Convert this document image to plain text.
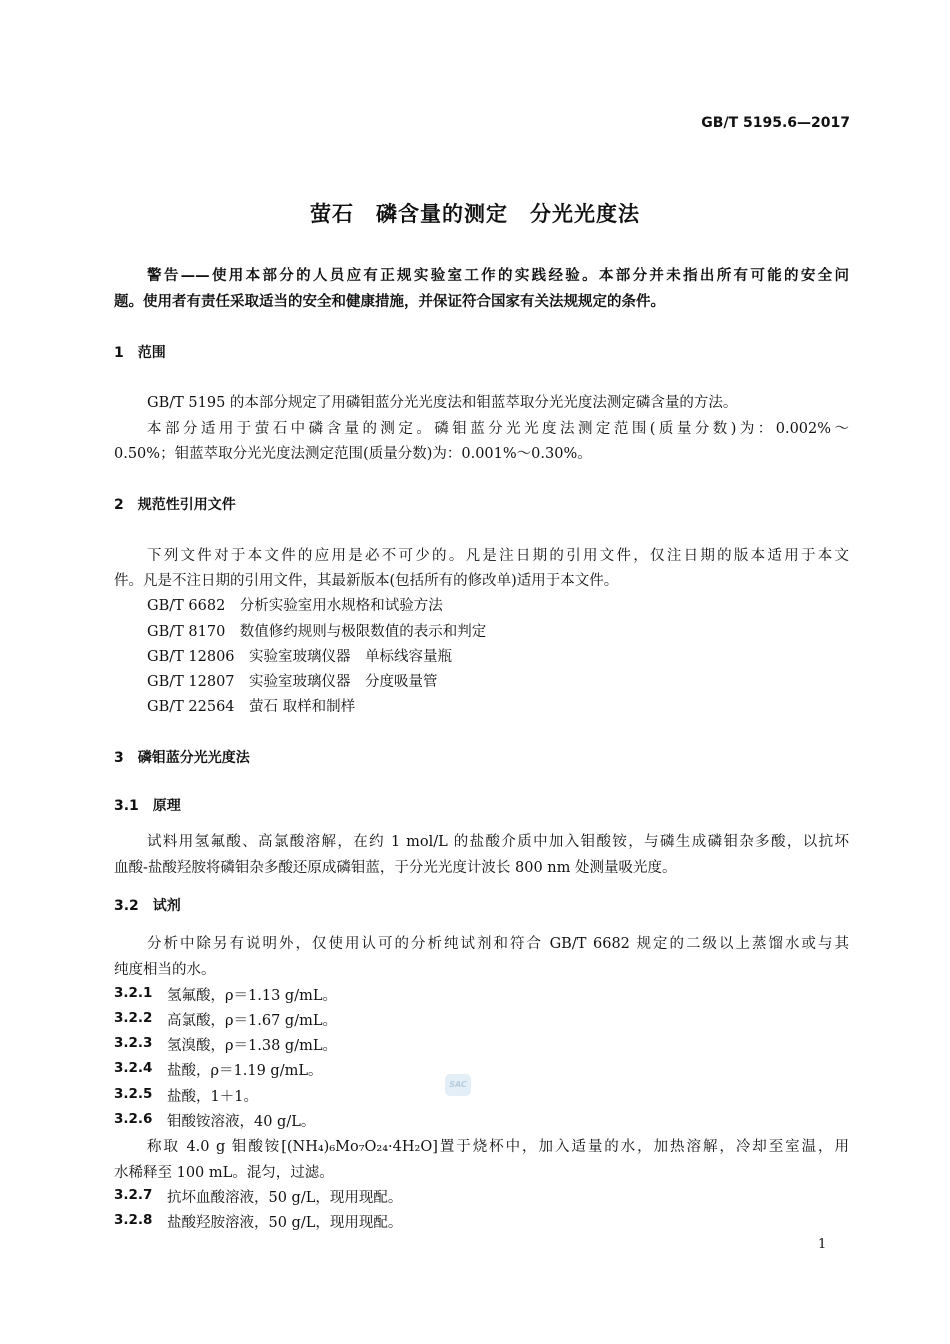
GB/T 5195.6—2017
萤石　磷含量的测定　分光光度法
警告——使用本部分的人员应有正规实验室工作的实践经验。本部分并未指出所有可能的安全问
题。使用者有责任采取适当的安全和健康措施，并保证符合国家有关法规规定的条件。
1　范围
GB/T 5195 的本部分规定了用磷钼蓝分光光度法和钼蓝萃取分光光度法测定磷含量的方法。
本部分适用于萤石中磷含量的测定。磷钼蓝分光光度法测定范围(质量分数)为：0.002%～
0.50%；钼蓝萃取分光光度法测定范围(质量分数)为：0.001%～0.30%。
2　规范性引用文件
下列文件对于本文件的应用是必不可少的。凡是注日期的引用文件，仅注日期的版本适用于本文
件。凡是不注日期的引用文件，其最新版本(包括所有的修改单)适用于本文件。
GB/T 6682　分析实验室用水规格和试验方法
GB/T 8170　数值修约规则与极限数值的表示和判定
GB/T 12806　实验室玻璃仪器　单标线容量瓶
GB/T 12807　实验室玻璃仪器　分度吸量管
GB/T 22564　萤石 取样和制样
3　磷钼蓝分光光度法
3.1　原理
试料用氢氟酸、高氯酸溶解，在约 1 mol/L 的盐酸介质中加入钼酸铵，与磷生成磷钼杂多酸，以抗坏
血酸-盐酸羟胺将磷钼杂多酸还原成磷钼蓝，于分光光度计波长 800 nm 处测量吸光度。
3.2　试剂
分析中除另有说明外，仅使用认可的分析纯试剂和符合 GB/T 6682 规定的二级以上蒸馏水或与其
纯度相当的水。
3.2.1 氢氟酸，ρ＝1.13 g/mL。
3.2.2 高氯酸，ρ＝1.67 g/mL。
3.2.3 氢溴酸，ρ＝1.38 g/mL。
3.2.4 盐酸，ρ＝1.19 g/mL。
3.2.5 盐酸，1＋1。
3.2.6 钼酸铵溶液，40 g/L。
称取 4.0 g 钼酸铵[(NH₄)₆Mo₇O₂₄·4H₂O]置于烧杯中，加入适量的水，加热溶解，冷却至室温，用
水稀释至 100 mL。混匀，过滤。
3.2.7 抗坏血酸溶液，50 g/L，现用现配。
3.2.8 盐酸羟胺溶液，50 g/L，现用现配。
SAC
1
